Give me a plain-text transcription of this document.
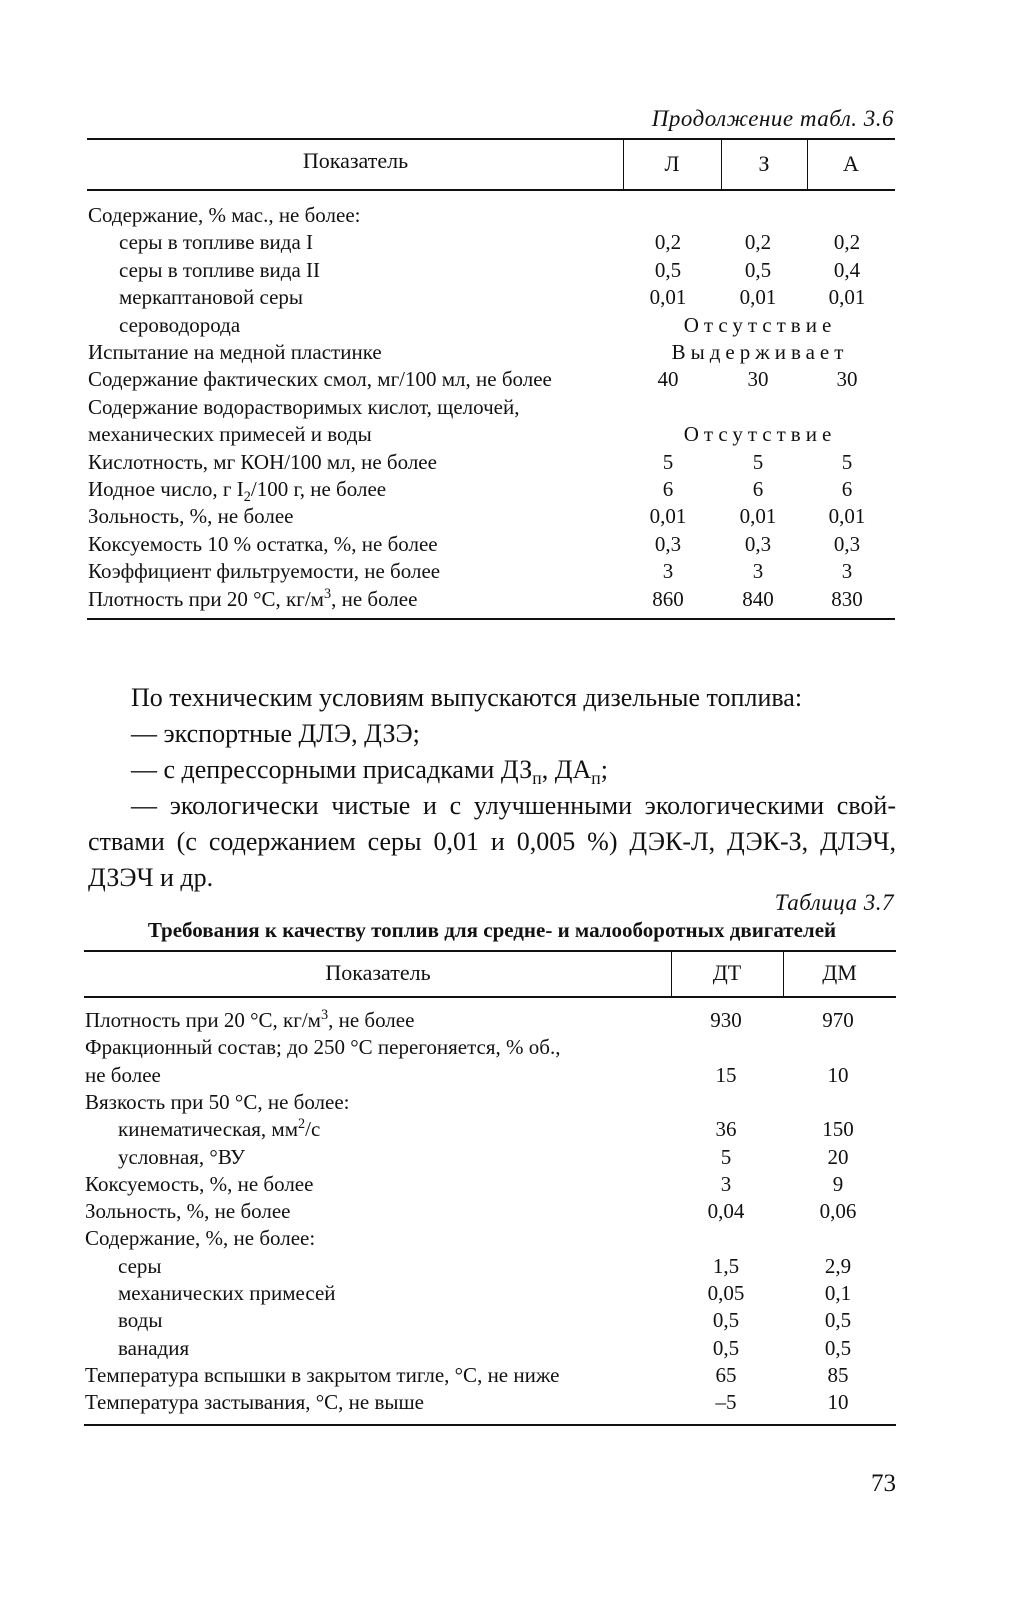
Продолжение табл. 3.6
Показатель	Л	З	А
Содержание, % мас., не более:
серы в топливе вида I	0,2	0,2	0,2
серы в топливе вида II	0,5	0,5	0,4
меркаптановой серы	0,01	0,01	0,01
сероводорода	Отсутствие
Испытание на медной пластинке	Выдерживает
Содержание фактических смол, мг/100 мл, не более	40	30	30
Содержание водорастворимых кислот, щелочей,
механических примесей и воды	Отсутствие
Кислотность, мг КОН/100 мл, не более	5	5	5
Иодное число, г $I_2/100$ г, не более	6	6	6
Зольность, %, не более	0,01	0,01	0,01
Коксуемость 10 % остатка, %, не более	0,3	0,3	0,3
Коэффициент фильтруемости, не более	3	3	3
Плотность при 20 °С, $кг/м^3$, не более	860	840	830
По техническим условиям выпускаются дизельные топлива:
— экспортные ДЛЭ, ДЗЭ;
— с депрессорными присадками $ДЗ_п$, $ДА_п$;
— экологически чистые и с улучшенными экологическими свой-
ствами (с содержанием серы 0,01 и 0,005 %) ДЭК-Л, ДЭК-З, ДЛЭЧ,
ДЗЭЧ и др.
Таблица 3.7
Требования к качеству топлив для средне- и малооборотных двигателей
Показатель	ДТ	ДМ
Плотность при 20 °С, $кг/м^3$, не более	930	970
Фракционный состав; до 250 °С перегоняется, % об.,
не более	15	10
Вязкость при 50 °С, не более:
кинематическая, $мм^2/с$	36	150
условная, °ВУ	5	20
Коксуемость, %, не более	3	9
Зольность, %, не более	0,04	0,06
Содержание, %, не более:
серы	1,5	2,9
механических примесей	0,05	0,1
воды	0,5	0,5
ванадия	0,5	0,5
Температура вспышки в закрытом тигле, °С, не ниже	65	85
Температура застывания, °С, не выше	–5	10
73
